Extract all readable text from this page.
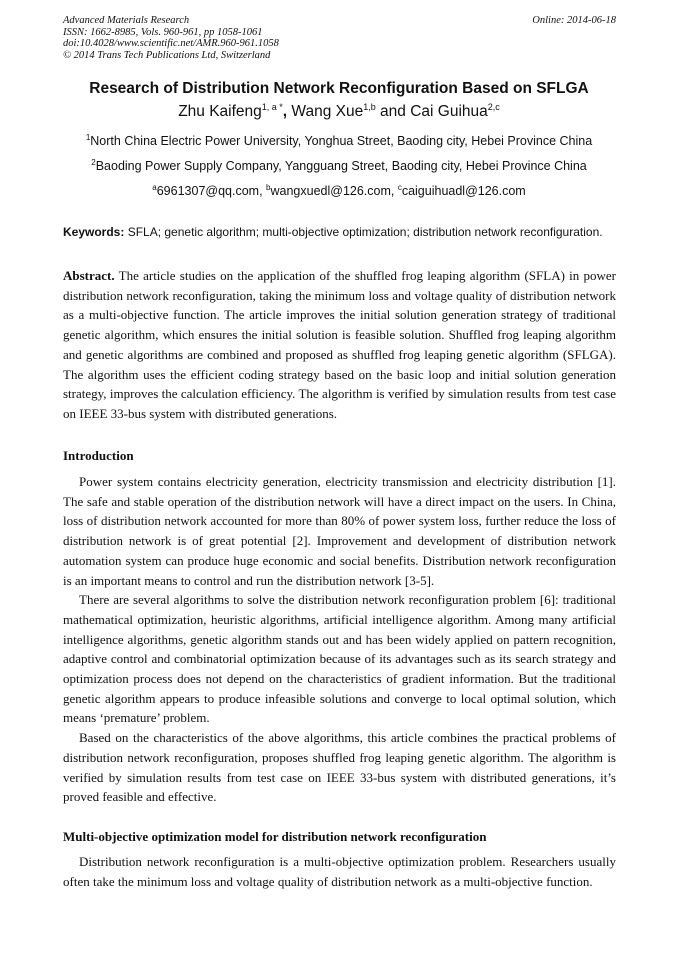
Advanced Materials Research
ISSN: 1662-8985, Vols. 960-961, pp 1058-1061
doi:10.4028/www.scientific.net/AMR.960-961.1058
© 2014 Trans Tech Publications Ltd, Switzerland
Online: 2014-06-18
Research of Distribution Network Reconfiguration Based on SFLGA
Zhu Kaifeng$^{1, a *}$, Wang Xue$^{1,b}$ and Cai Guihua$^{2,c}$
$^1$North China Electric Power University, Yonghua Street, Baoding city, Hebei Province China
$^2$Baoding Power Supply Company, Yangguang Street, Baoding city, Hebei Province China
$^a$6961307@qq.com, $^b$wangxuedl@126.com, $^c$caiguihuadl@126.com
Keywords: SFLA; genetic algorithm; multi-objective optimization; distribution network reconfiguration.

Abstract. The article studies on the application of the shuffled frog leaping algorithm (SFLA) in power distribution network reconfiguration, taking the minimum loss and voltage quality of distribution network as a multi-objective function. The article improves the initial solution generation strategy of traditional genetic algorithm, which ensures the initial solution is feasible solution. Shuffled frog leaping algorithm and genetic algorithms are combined and proposed as shuffled frog leaping genetic algorithm (SFLGA). The algorithm uses the efficient coding strategy based on the basic loop and initial solution generation strategy, improves the calculation efficiency. The algorithm is verified by simulation results from test case on IEEE 33-bus system with distributed generations.

Introduction

Power system contains electricity generation, electricity transmission and electricity distribution [1]. The safe and stable operation of the distribution network will have a direct impact on the users. In China, loss of distribution network accounted for more than 80% of power system loss, further reduce the loss of distribution network is of great potential [2]. Improvement and development of distribution network automation system can produce huge economic and social benefits. Distribution network reconfiguration is an important means to control and run the distribution network [3-5].

There are several algorithms to solve the distribution network reconfiguration problem [6]: traditional mathematical optimization, heuristic algorithms, artificial intelligence algorithm. Among many artificial intelligence algorithms, genetic algorithm stands out and has been widely applied on pattern recognition, adaptive control and combinatorial optimization because of its advantages such as its search strategy and optimization process does not depend on the characteristics of gradient information. But the traditional genetic algorithm appears to produce infeasible solutions and converge to local optimal solution, which means ‘premature’ problem.

Based on the characteristics of the above algorithms, this article combines the practical problems of distribution network reconfiguration, proposes shuffled frog leaping genetic algorithm. The algorithm is verified by simulation results from test case on IEEE 33-bus system with distributed generations, it’s proved feasible and effective.

Multi-objective optimization model for distribution network reconfiguration

Distribution network reconfiguration is a multi-objective optimization problem. Researchers usually often take the minimum loss and voltage quality of distribution network as a multi-objective function.
